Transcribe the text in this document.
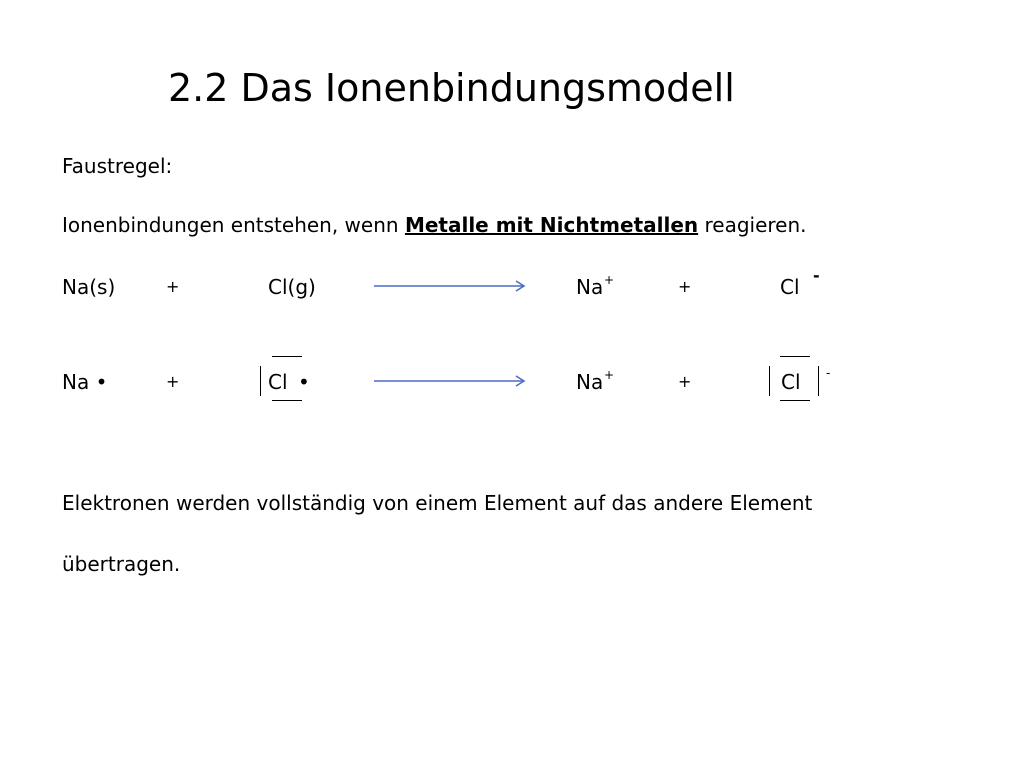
2.2 Das Ionenbindungsmodell
Faustregel:
Ionenbindungen entstehen, wenn Metalle mit Nichtmetallen reagieren.
Na(s)	+	Cl(g)	Na +	+	Cl -
Na •	+	Cl •	Na +	+	Cl -
Elektronen werden vollständig von einem Element auf das andere Element
übertragen.
